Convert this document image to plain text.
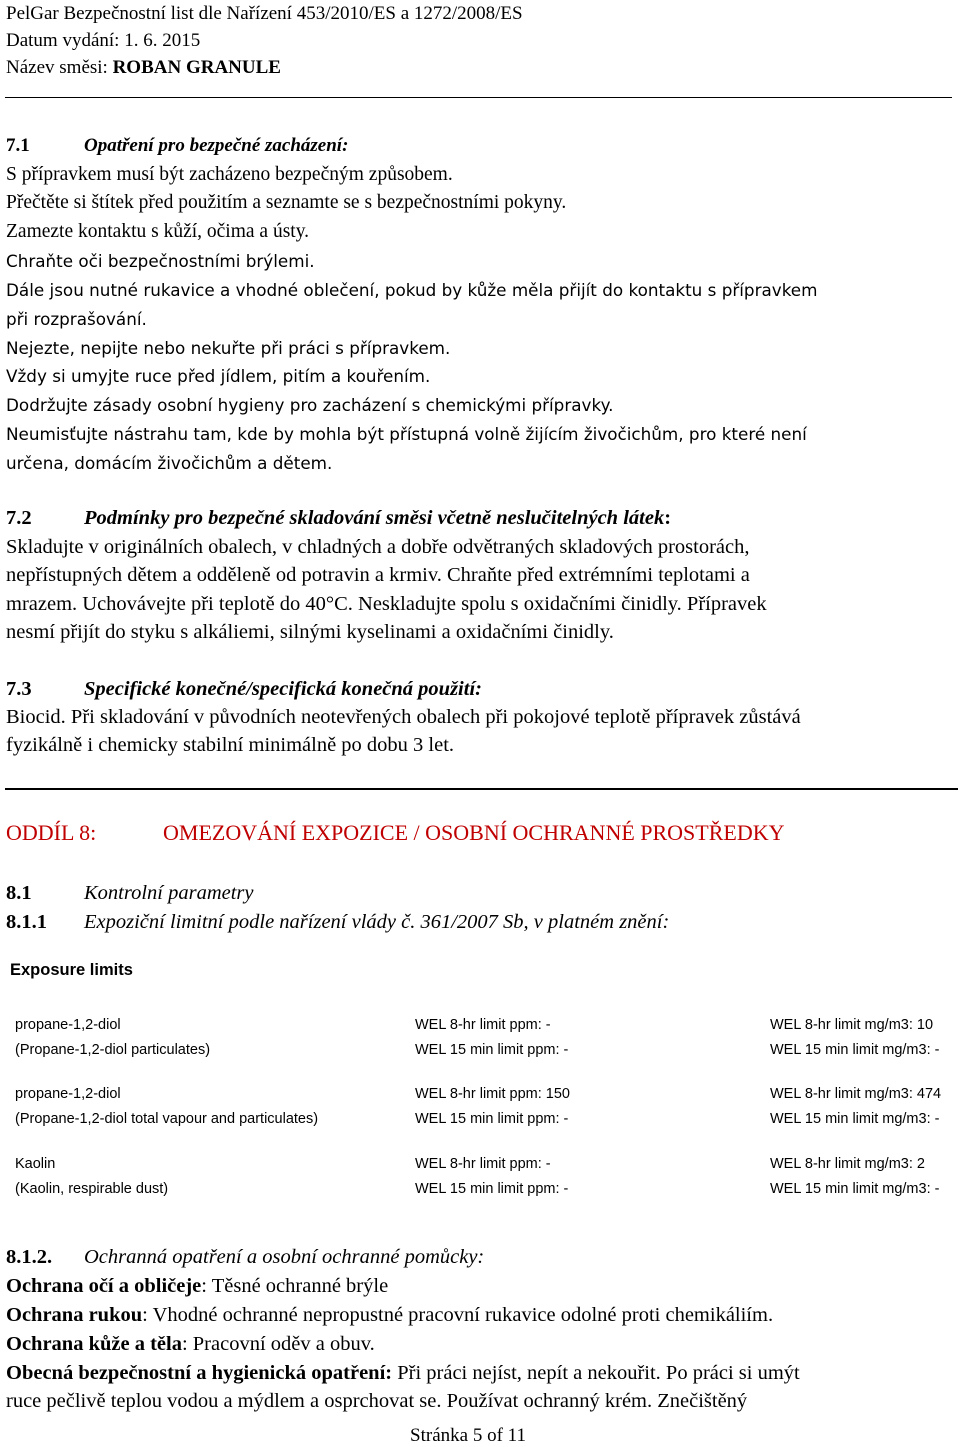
PelGar Bezpečnostní list dle Nařízení 453/2010/ES a 1272/2008/ES
Datum vydání: 1. 6. 2015
Název směsi: ROBAN GRANULE
7.1	Opatření pro bezpečné zacházení:
S přípravkem musí být zacházeno bezpečným způsobem.
Přečtěte si štítek před použitím a seznamte se s bezpečnostními pokyny.
Zamezte kontaktu s kůží, očima a ústy.
Chraňte oči bezpečnostními brýlemi.
Dále jsou nutné rukavice a vhodné oblečení, pokud by kůže měla přijít do kontaktu s přípravkem
při rozprašování.
Nejezte, nepijte nebo nekuřte při práci s přípravkem.
Vždy si umyjte ruce před jídlem, pitím a kouřením.
Dodržujte zásady osobní hygieny pro zacházení s chemickými přípravky.
Neumisťujte nástrahu tam, kde by mohla být přístupná volně žijícím živočichům, pro které není
určena, domácím živočichům a dětem.
7.2	Podmínky pro bezpečné skladování směsi včetně neslučitelných látek:
Skladujte v originálních obalech, v chladných a dobře odvětraných skladových prostorách,
nepřístupných dětem a odděleně od potravin a krmiv. Chraňte před extrémními teplotami a
mrazem. Uchovávejte při teplotě do 40°C. Neskladujte spolu s oxidačními činidly. Přípravek
nesmí přijít do styku s alkáliemi, silnými kyselinami a oxidačními činidly.
7.3	Specifické konečné/specifická konečná použití:
Biocid. Při skladování v původních neotevřených obalech při pokojové teplotě přípravek zůstává
fyzikálně i chemicky stabilní minimálně po dobu 3 let.
ODDÍL 8:	OMEZOVÁNÍ EXPOZICE / OSOBNÍ OCHRANNÉ PROSTŘEDKY
8.1	Kontrolní parametry
8.1.1 Expoziční limitní podle nařízení vlády č. 361/2007 Sb, v platném znění:
Exposure limits
propane-1,2-diol	WEL 8-hr limit ppm: -	WEL 8-hr limit mg/m3: 10
(Propane-1,2-diol particulates)	WEL 15 min limit ppm: -	WEL 15 min limit mg/m3: -
propane-1,2-diol	WEL 8-hr limit ppm: 150	WEL 8-hr limit mg/m3: 474
(Propane-1,2-diol total vapour and particulates)	WEL 15 min limit ppm: -	WEL 15 min limit mg/m3: -
Kaolin	WEL 8-hr limit ppm: -	WEL 8-hr limit mg/m3: 2
(Kaolin, respirable dust)	WEL 15 min limit ppm: -	WEL 15 min limit mg/m3: -
8.1.2. Ochranná opatření a osobní ochranné pomůcky:
Ochrana očí a obličeje: Těsné ochranné brýle
Ochrana rukou: Vhodné ochranné nepropustné pracovní rukavice odolné proti chemikáliím.
Ochrana kůže a těla: Pracovní oděv a obuv.
Obecná bezpečnostní a hygienická opatření: Při práci nejíst, nepít a nekouřit. Po práci si umýt
ruce pečlivě teplou vodou a mýdlem a osprchovat se. Používat ochranný krém. Znečištěný
Stránka 5 of 11
